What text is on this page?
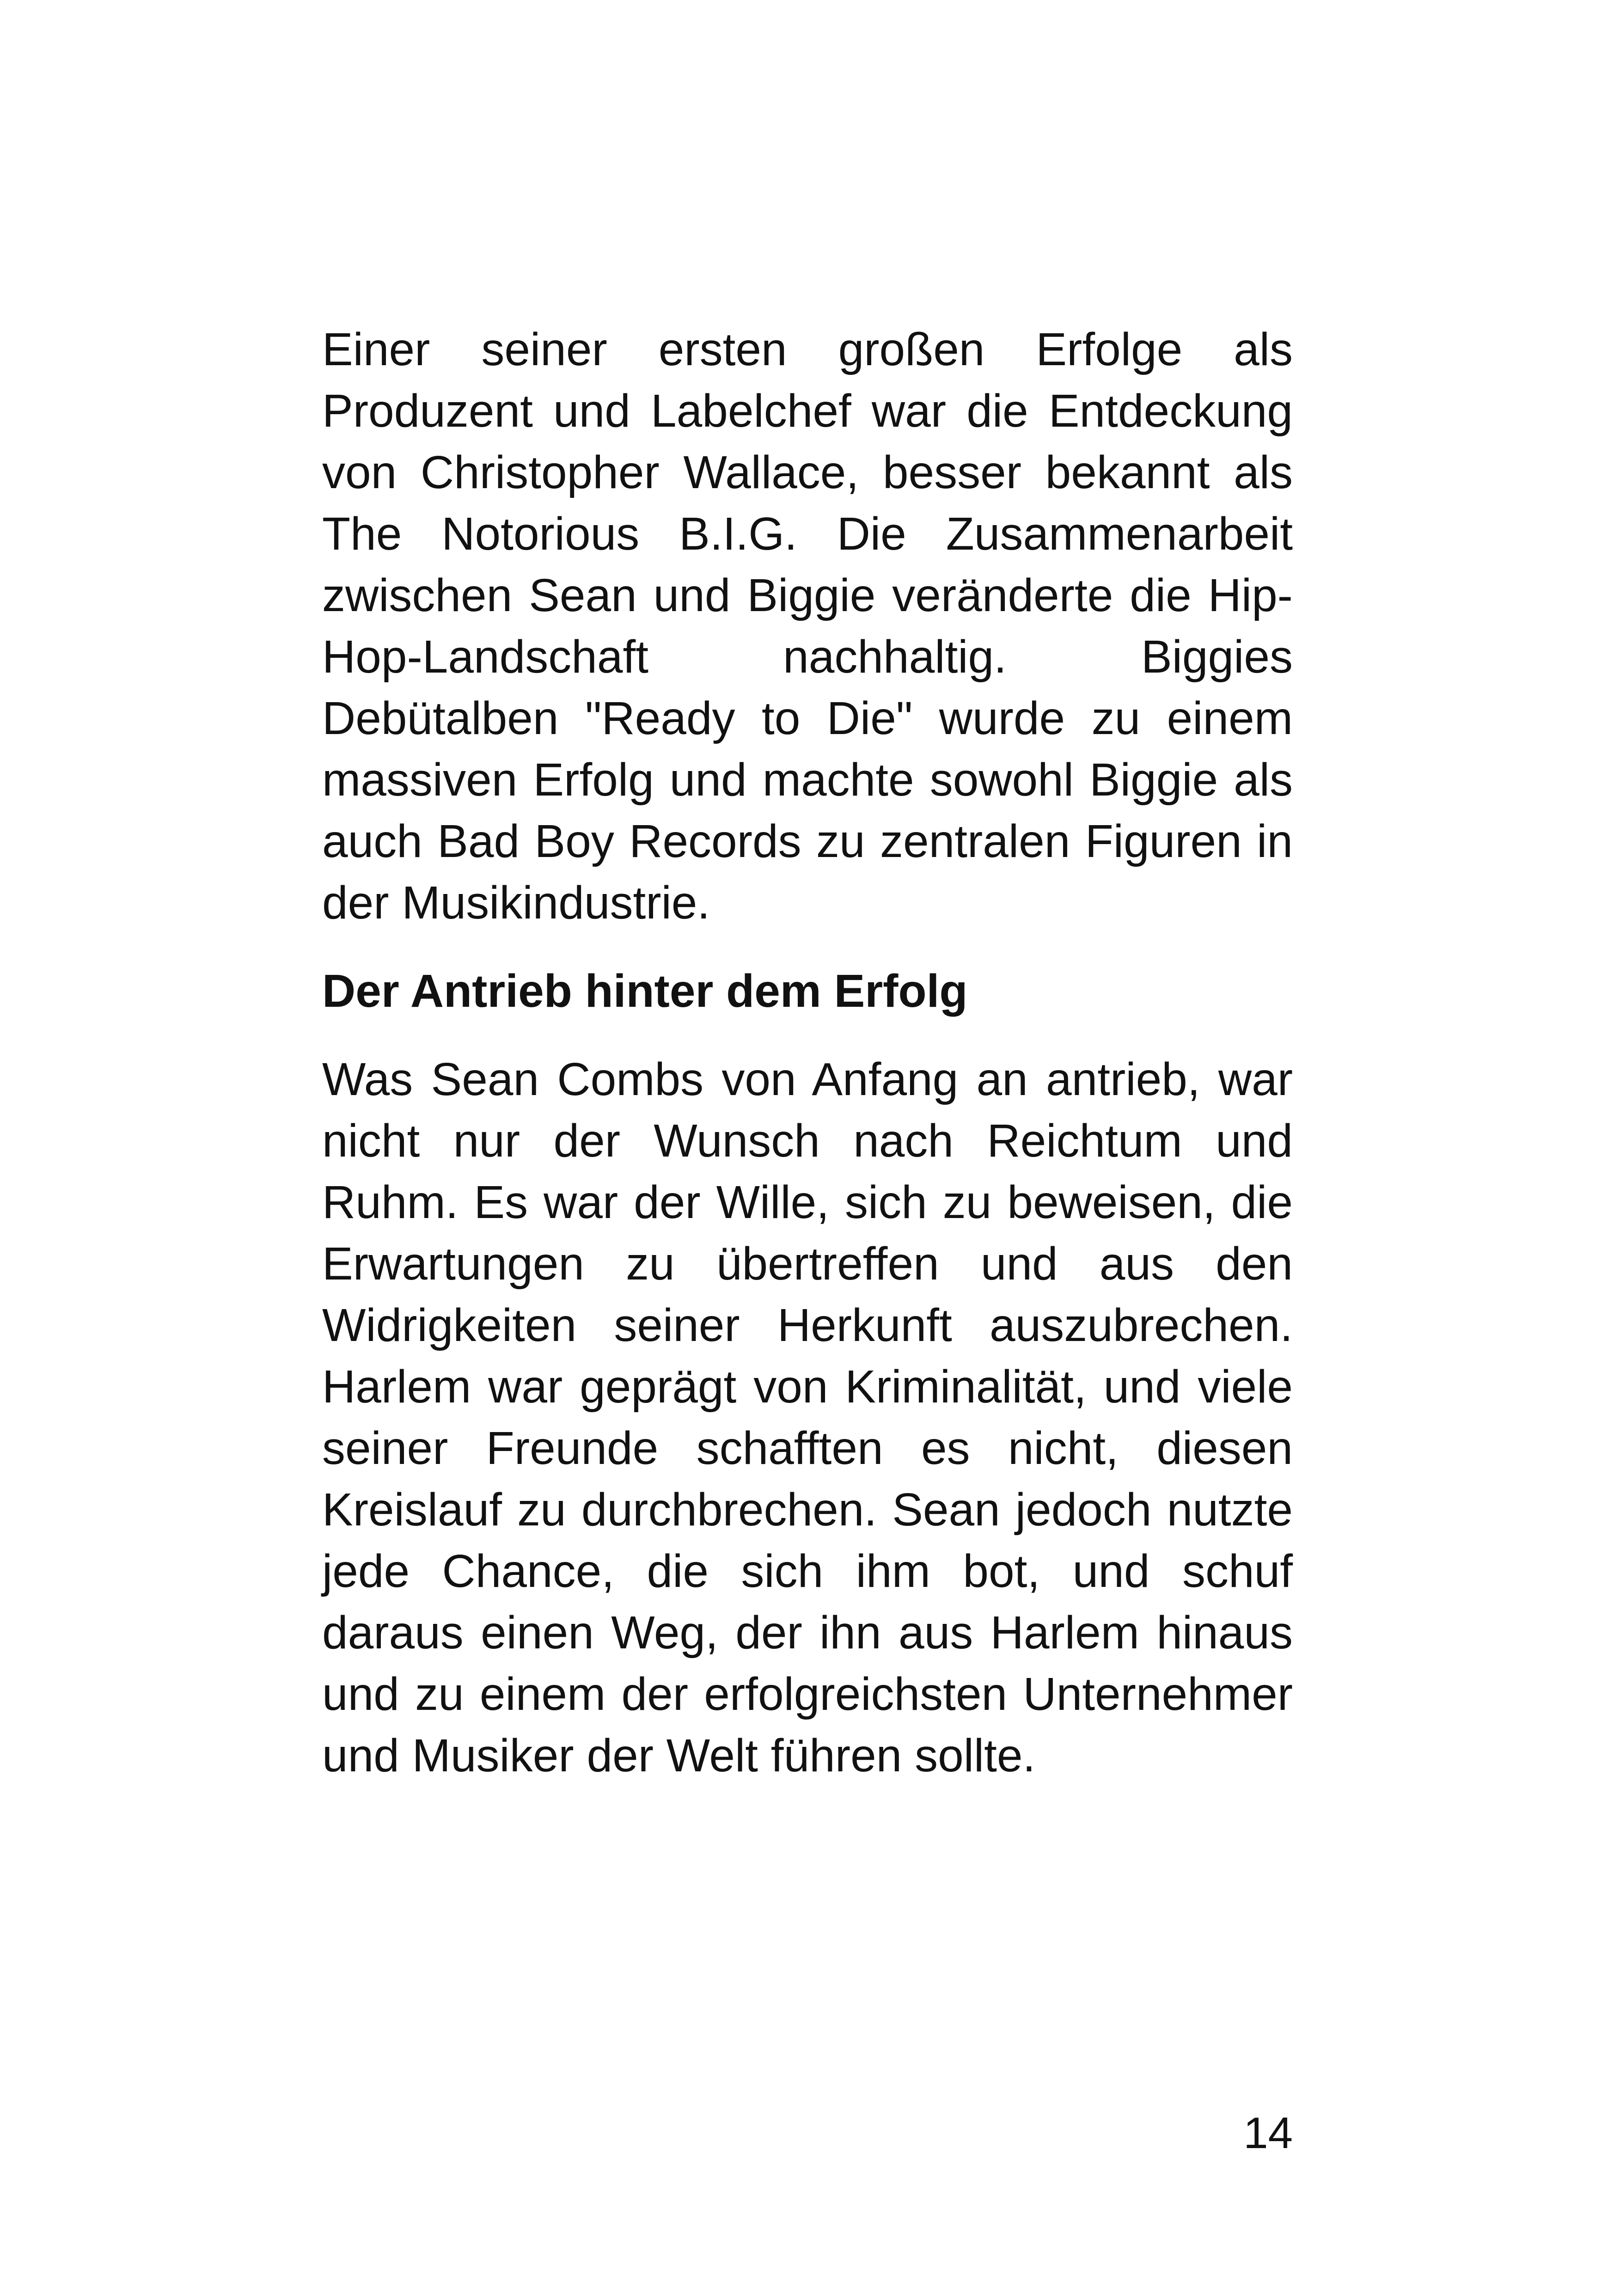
Einer seiner ersten großen Erfolge als Produzent und Labelchef war die Entdeckung von Christopher Wallace, besser bekannt als The Notorious B.I.G. Die Zusammenarbeit zwischen Sean und Biggie veränderte die Hip-Hop-Landschaft nachhaltig. Biggies Debütalben "Ready to Die" wurde zu einem massiven Erfolg und machte sowohl Biggie als auch Bad Boy Records zu zentralen Figuren in der Musikindustrie.

Der Antrieb hinter dem Erfolg

Was Sean Combs von Anfang an antrieb, war nicht nur der Wunsch nach Reichtum und Ruhm. Es war der Wille, sich zu beweisen, die Erwartungen zu übertreffen und aus den Widrigkeiten seiner Herkunft auszubrechen. Harlem war geprägt von Kriminalität, und viele seiner Freunde schafften es nicht, diesen Kreislauf zu durchbrechen. Sean jedoch nutzte jede Chance, die sich ihm bot, und schuf daraus einen Weg, der ihn aus Harlem hinaus und zu einem der erfolgreichsten Unternehmer und Musiker der Welt führen sollte.

14
